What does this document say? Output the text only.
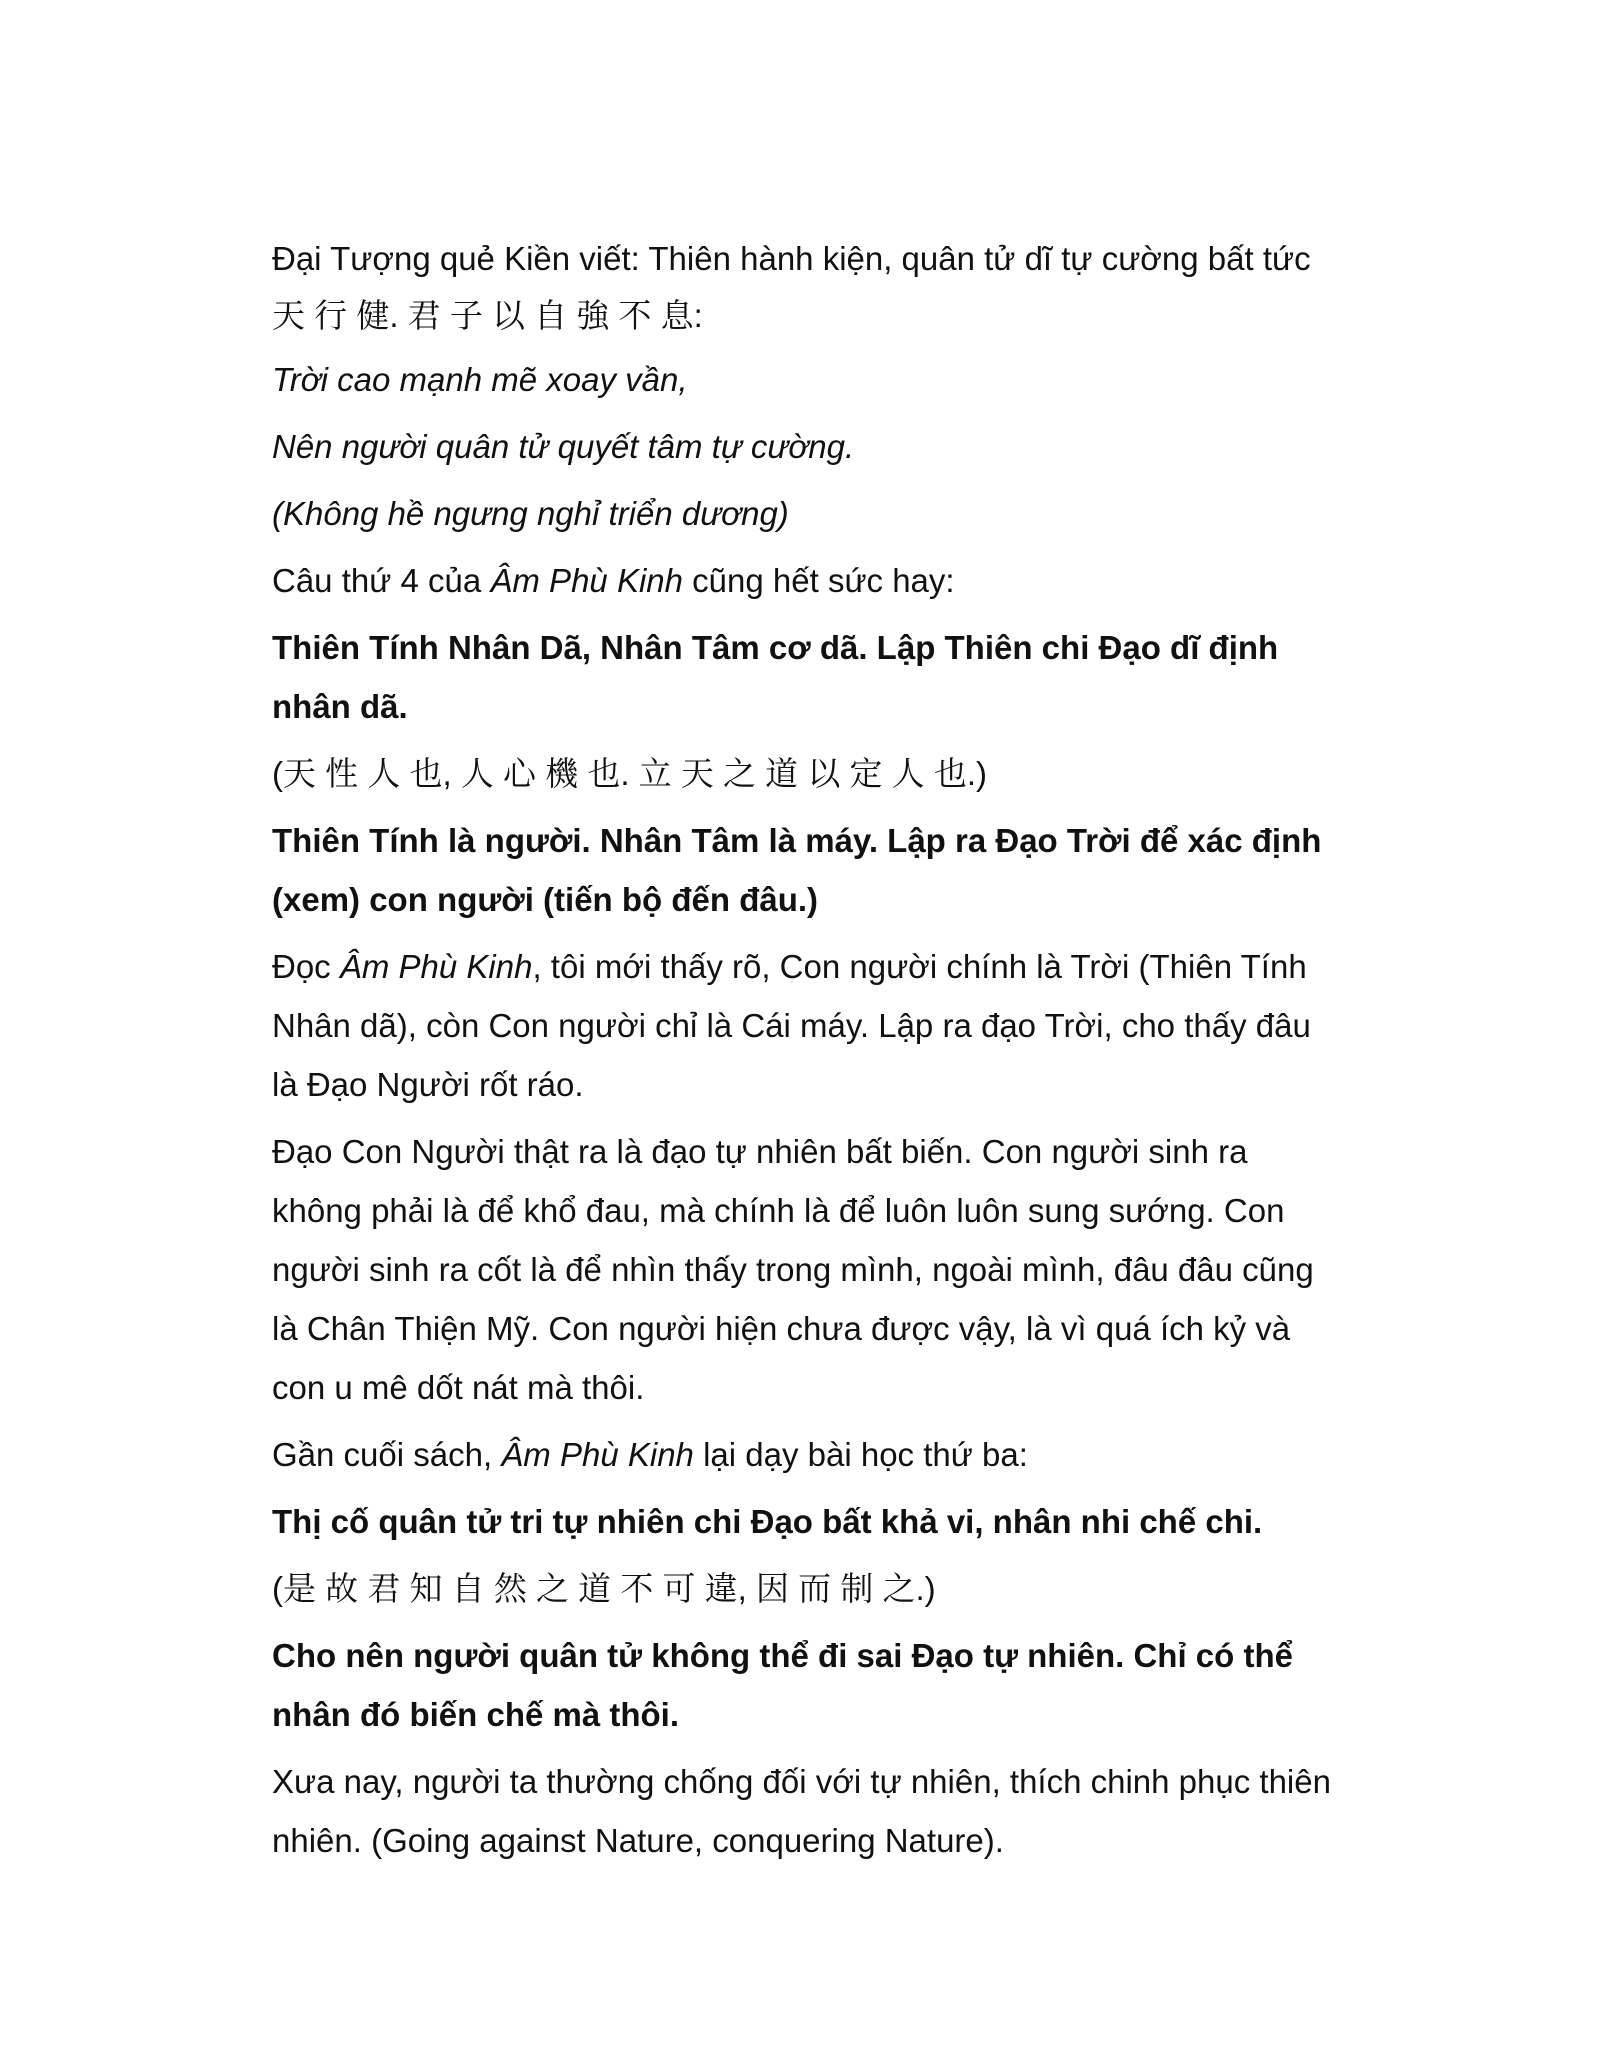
Đại Tượng quẻ Kiền viết: Thiên hành kiện, quân tử dĩ tự cường bất tức 天 行 健. 君 子 以 自 強 不 息:

Trời cao mạnh mẽ xoay vần,

Nên người quân tử quyết tâm tự cường.

(Không hề ngưng nghỉ triển dương)

Câu thứ 4 của Âm Phù Kinh cũng hết sức hay:

Thiên Tính Nhân Dã, Nhân Tâm cơ dã. Lập Thiên chi Đạo dĩ định nhân dã.

(天 性 人 也, 人 心 機 也. 立 天 之 道 以 定 人 也.)

Thiên Tính là người. Nhân Tâm là máy. Lập ra Đạo Trời để xác định (xem) con người (tiến bộ đến đâu.)

Đọc Âm Phù Kinh, tôi mới thấy rõ, Con người chính là Trời (Thiên Tính Nhân dã), còn Con người chỉ là Cái máy. Lập ra đạo Trời, cho thấy đâu là Đạo Người rốt ráo.

Đạo Con Người thật ra là đạo tự nhiên bất biến. Con người sinh ra không phải là để khổ đau, mà chính là để luôn luôn sung sướng. Con người sinh ra cốt là để nhìn thấy trong mình, ngoài mình, đâu đâu cũng là Chân Thiện Mỹ. Con người hiện chưa được vậy, là vì quá ích kỷ và con u mê dốt nát mà thôi.

Gần cuối sách, Âm Phù Kinh lại dạy bài học thứ ba:

Thị cố quân tử tri tự nhiên chi Đạo bất khả vi, nhân nhi chế chi.

(是 故 君 知 自 然 之 道 不 可 違, 因 而 制 之.)

Cho nên người quân tử không thể đi sai Đạo tự nhiên. Chỉ có thể nhân đó biến chế mà thôi.

Xưa nay, người ta thường chống đối với tự nhiên, thích chinh phục thiên nhiên. (Going against Nature, conquering Nature).
